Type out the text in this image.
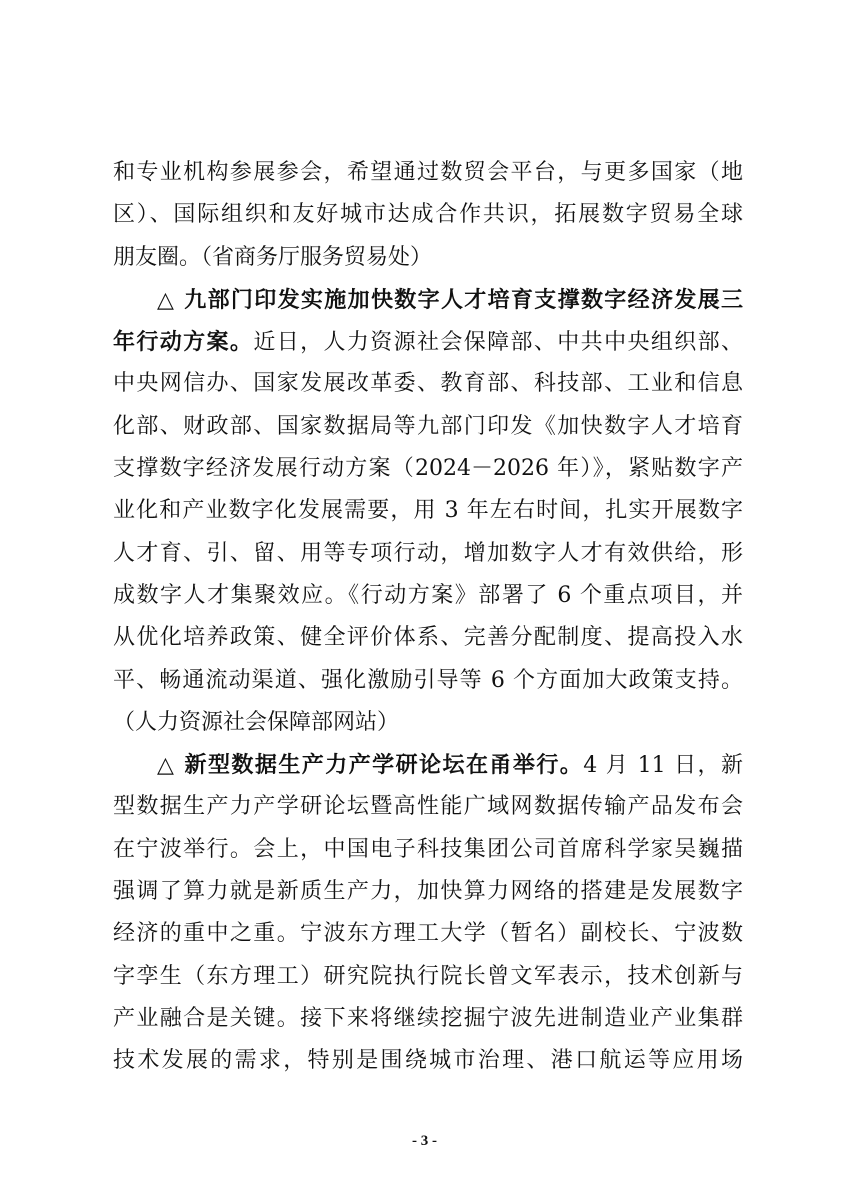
和专业机构参展参会，希望通过数贸会平台，与更多国家（地
区）、国际组织和友好城市达成合作共识，拓展数字贸易全球
朋友圈。（省商务厅服务贸易处）
△ 九部门印发实施加快数字人才培育支撑数字经济发展三
年行动方案。近日，人力资源社会保障部、中共中央组织部、
中央网信办、国家发展改革委、教育部、科技部、工业和信息
化部、财政部、国家数据局等九部门印发《加快数字人才培育
支撑数字经济发展行动方案（2024－2026 年）》，紧贴数字产
业化和产业数字化发展需要，用 3 年左右时间，扎实开展数字
人才育、引、留、用等专项行动，增加数字人才有效供给，形
成数字人才集聚效应。《行动方案》部署了 6 个重点项目，并
从优化培养政策、健全评价体系、完善分配制度、提高投入水
平、畅通流动渠道、强化激励引导等 6 个方面加大政策支持。
（人力资源社会保障部网站）
△ 新型数据生产力产学研论坛在甬举行。4 月 11 日，新
型数据生产力产学研论坛暨高性能广域网数据传输产品发布会
在宁波举行。会上，中国电子科技集团公司首席科学家吴巍描
强调了算力就是新质生产力，加快算力网络的搭建是发展数字
经济的重中之重。宁波东方理工大学（暂名）副校长、宁波数
字孪生（东方理工）研究院执行院长曾文军表示，技术创新与
产业融合是关键。接下来将继续挖掘宁波先进制造业产业集群
技术发展的需求，特别是围绕城市治理、港口航运等应用场
- 3 -
